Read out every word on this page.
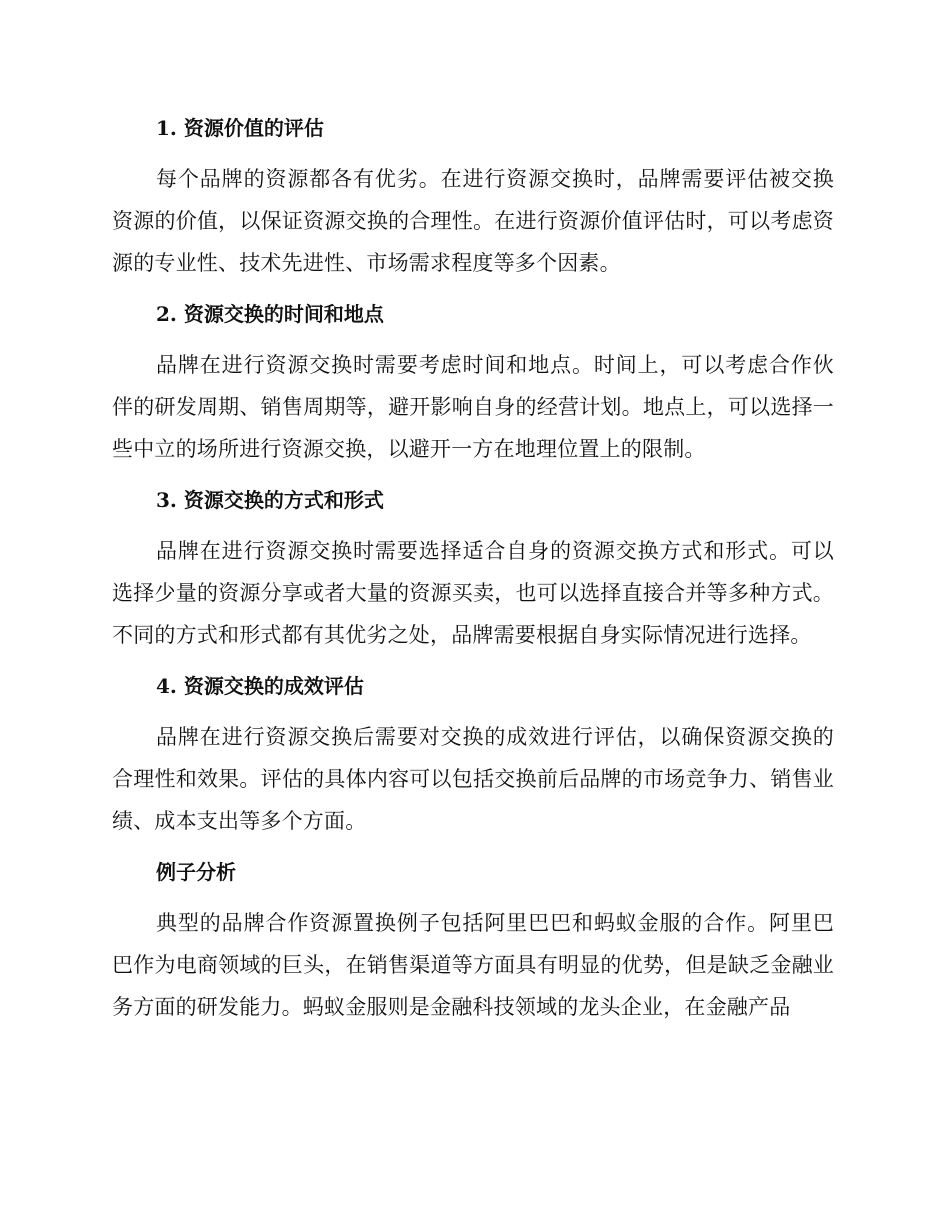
1. 资源价值的评估

每个品牌的资源都各有优劣。在进行资源交换时，品牌需要评估被交换资源的价值，以保证资源交换的合理性。在进行资源价值评估时，可以考虑资源的专业性、技术先进性、市场需求程度等多个因素。

2. 资源交换的时间和地点

品牌在进行资源交换时需要考虑时间和地点。时间上，可以考虑合作伙伴的研发周期、销售周期等，避开影响自身的经营计划。地点上，可以选择一些中立的场所进行资源交换，以避开一方在地理位置上的限制。

3. 资源交换的方式和形式

品牌在进行资源交换时需要选择适合自身的资源交换方式和形式。可以选择少量的资源分享或者大量的资源买卖，也可以选择直接合并等多种方式。不同的方式和形式都有其优劣之处，品牌需要根据自身实际情况进行选择。

4. 资源交换的成效评估

品牌在进行资源交换后需要对交换的成效进行评估，以确保资源交换的合理性和效果。评估的具体内容可以包括交换前后品牌的市场竞争力、销售业绩、成本支出等多个方面。

例子分析

典型的品牌合作资源置换例子包括阿里巴巴和蚂蚁金服的合作。阿里巴巴作为电商领域的巨头，在销售渠道等方面具有明显的优势，但是缺乏金融业务方面的研发能力。蚂蚁金服则是金融科技领域的龙头企业，在金融产品
